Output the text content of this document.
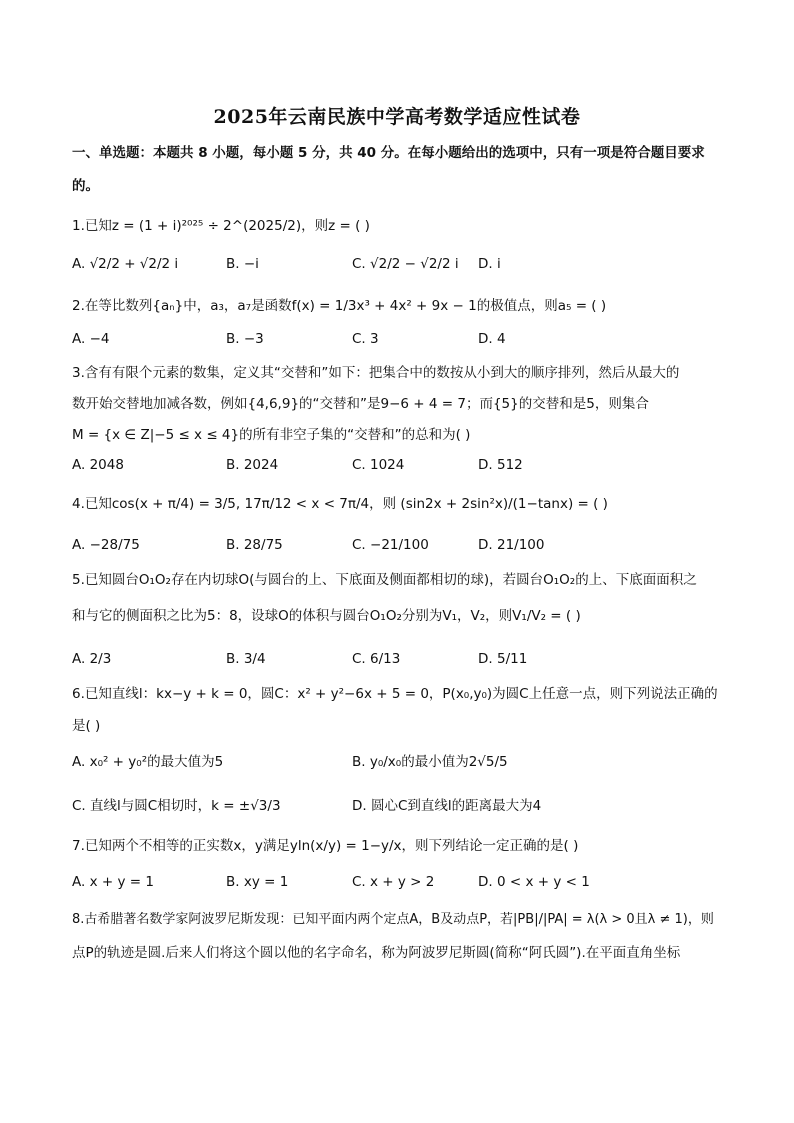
2025年云南民族中学高考数学适应性试卷
一、单选题：本题共 8 小题，每小题 5 分，共 40 分。在每小题给出的选项中，只有一项是符合题目要求
的。
1.已知z = (1 + i)²⁰²⁵ ÷ 2^(2025/2)，则z = ( )
A. √2/2 + √2/2 i	B. −i	C. √2/2 − √2/2 i D. i
2.在等比数列{aₙ}中，a₃，a₇是函数f(x) = 1/3x³ + 4x² + 9x − 1的极值点，则a₅ = ( )
A. −4	B. −3	C. 3	D. 4
3.含有有限个元素的数集，定义其“交替和”如下：把集合中的数按从小到大的顺序排列，然后从最大的
数开始交替地加减各数，例如{4,6,9}的“交替和”是9−6 + 4 = 7；而{5}的交替和是5，则集合
M = {x ∈ Z|−5 ≤ x ≤ 4}的所有非空子集的“交替和”的总和为( )
A. 2048	B. 2024	C. 1024	D. 512
4.已知cos(x + π/4) = 3/5, 17π/12 < x < 7π/4，则 (sin2x + 2sin²x)/(1−tanx) = ( )
A. −28/75	B. 28/75	C. −21/100	D. 21/100
5.已知圆台O₁O₂存在内切球O(与圆台的上、下底面及侧面都相切的球)，若圆台O₁O₂的上、下底面面积之
和与它的侧面积之比为5：8，设球O的体积与圆台O₁O₂分别为V₁，V₂，则V₁/V₂ = ( )
A. 2/3	B. 3/4	C. 6/13	D. 5/11
6.已知直线l：kx−y + k = 0，圆C：x² + y²−6x + 5 = 0，P(x₀,y₀)为圆C上任意一点，则下列说法正确的
是( )
A. x₀² + y₀²的最大值为5	B. y₀/x₀的最小值为2√5/5
C. 直线l与圆C相切时，k = ±√3/3	D. 圆心C到直线l的距离最大为4
7.已知两个不相等的正实数x，y满足yln(x/y) = 1−y/x，则下列结论一定正确的是( )
A. x + y = 1	B. xy = 1	C. x + y > 2	D. 0 < x + y < 1
8.古希腊著名数学家阿波罗尼斯发现：已知平面内两个定点A，B及动点P，若|PB|/|PA| = λ(λ > 0且λ ≠ 1)，则
点P的轨迹是圆.后来人们将这个圆以他的名字命名，称为阿波罗尼斯圆(简称“阿氏圆”).在平面直角坐标
